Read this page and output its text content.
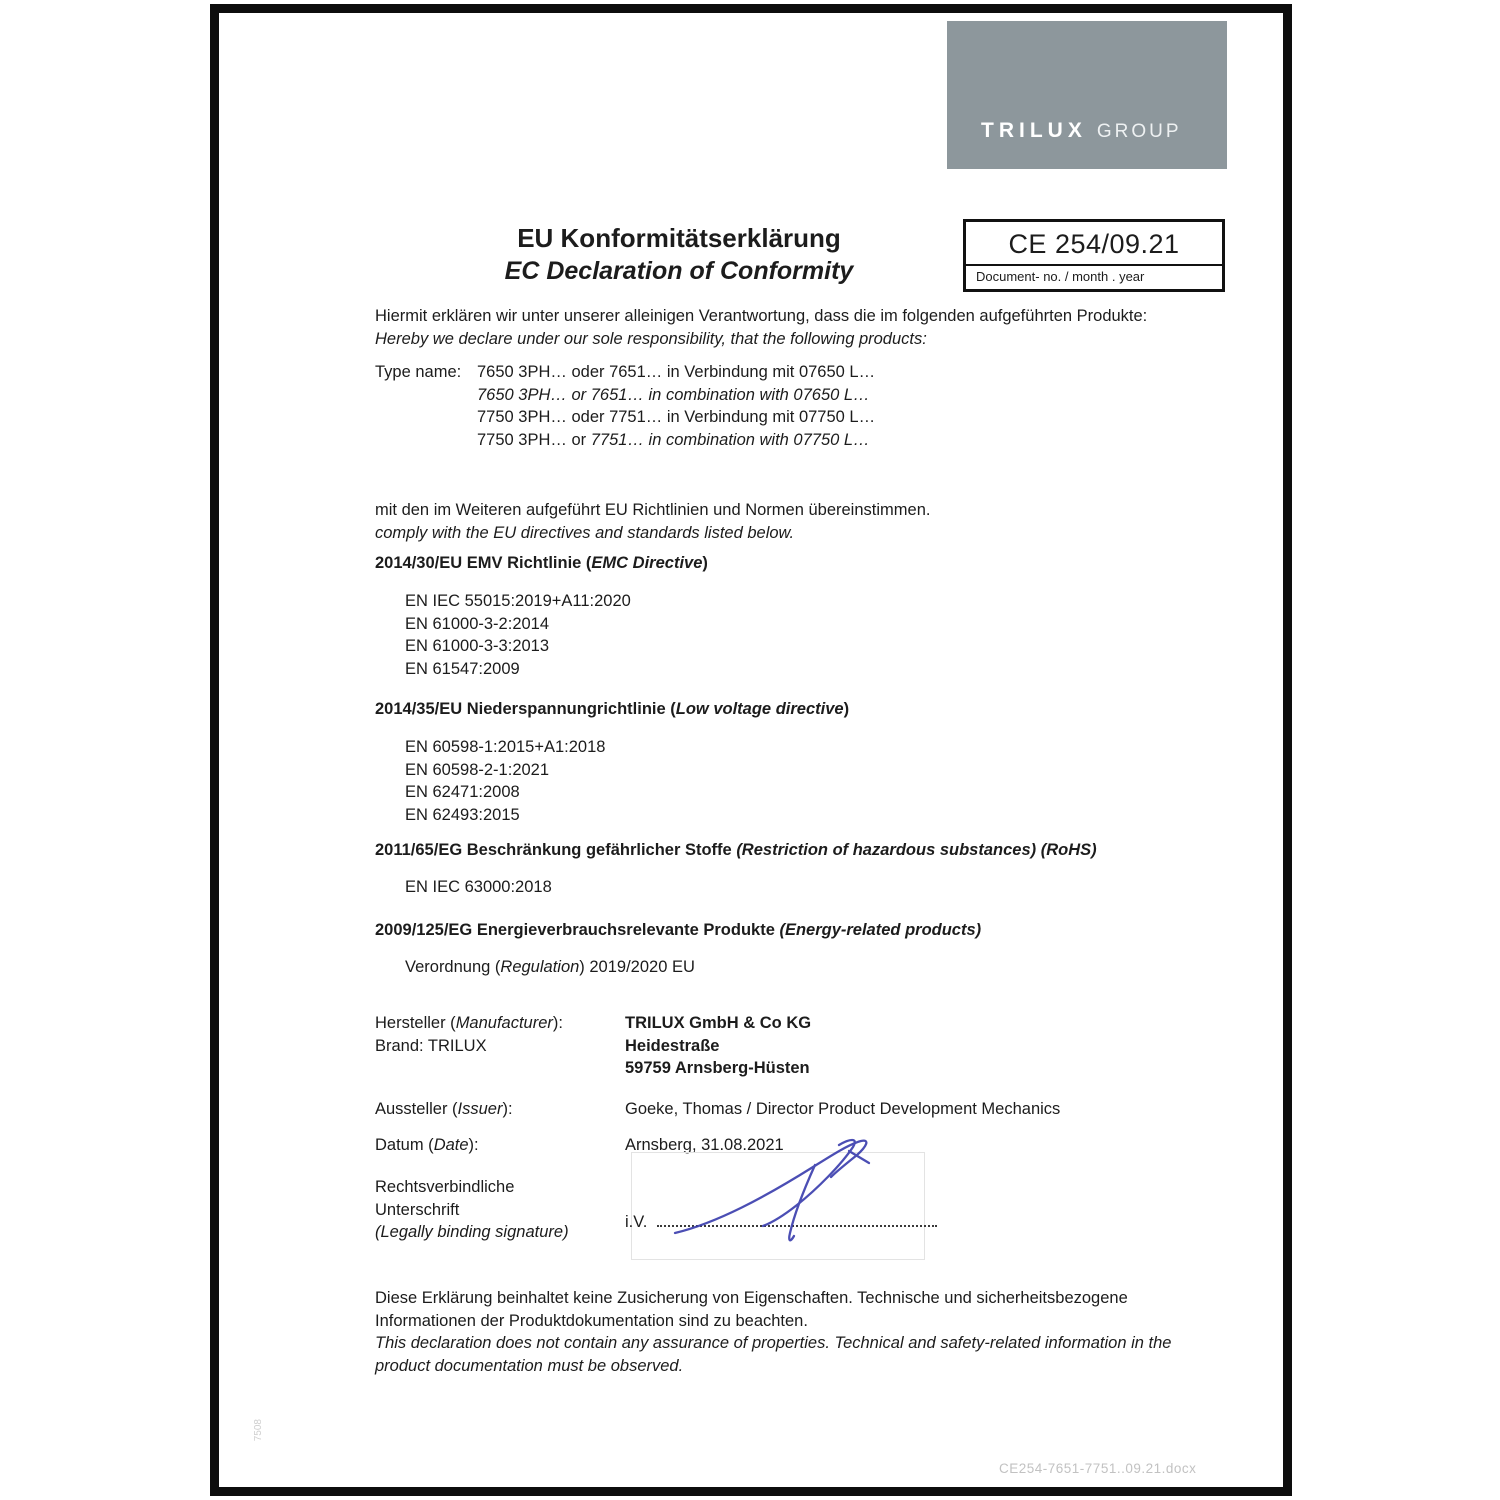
TRILUX GROUP
EU Konformitätserklärung
EC Declaration of Conformity
CE 254/09.21
Document- no. / month . year
Hiermit erklären wir unter unserer alleinigen Verantwortung, dass die im folgenden aufgeführten Produkte:
Hereby we declare under our sole responsibility, that the following products:
Type name: 7650 3PH… oder 7651… in Verbindung mit 07650 L…
7650 3PH… or 7651… in combination with 07650 L…
7750 3PH… oder 7751… in Verbindung mit 07750 L…
7750 3PH… or 7751… in combination with 07750 L…
mit den im Weiteren aufgeführt EU Richtlinien und Normen übereinstimmen.
comply with the EU directives and standards listed below.
2014/30/EU EMV Richtlinie (EMC Directive)
EN IEC 55015:2019+A11:2020
EN 61000-3-2:2014
EN 61000-3-3:2013
EN 61547:2009
2014/35/EU Niederspannungrichtlinie (Low voltage directive)
EN 60598-1:2015+A1:2018
EN 60598-2-1:2021
EN 62471:2008
EN 62493:2015
2011/65/EG Beschränkung gefährlicher Stoffe (Restriction of hazardous substances) (RoHS)
EN IEC 63000:2018
2009/125/EG Energieverbrauchsrelevante Produkte (Energy-related products)
Verordnung (Regulation) 2019/2020 EU
Hersteller (Manufacturer):
Brand: TRILUX
TRILUX GmbH & Co KG
Heidestraße
59759 Arnsberg-Hüsten
Aussteller (Issuer):	Goeke, Thomas / Director Product Development Mechanics
Datum (Date):	Arnsberg, 31.08.2021
Rechtsverbindliche
Unterschrift
(Legally binding signature)
i.V.
Diese Erklärung beinhaltet keine Zusicherung von Eigenschaften. Technische und sicherheitsbezogene Informationen der Produktdokumentation sind zu beachten.
This declaration does not contain any assurance of properties. Technical and safety-related information in the product documentation must be observed.
CE254-7651-7751..09.21.docx
7508
